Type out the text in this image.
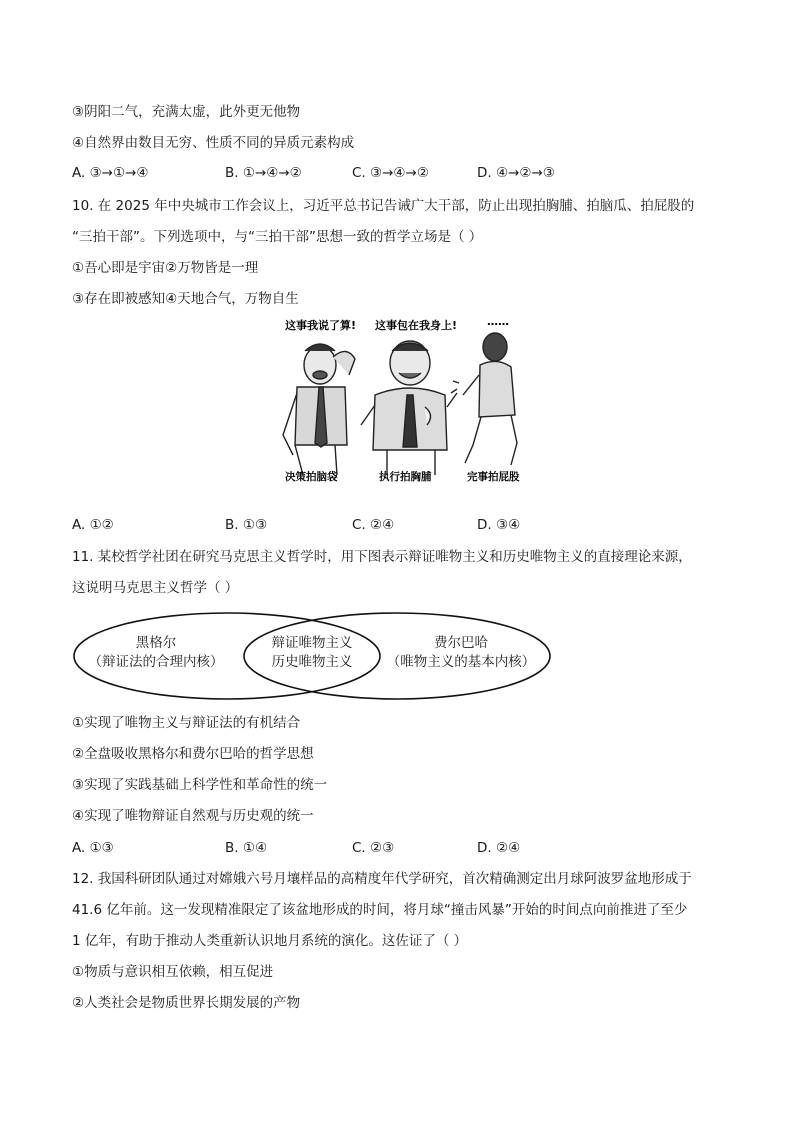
③阴阳二气，充满太虚，此外更无他物
④自然界由数目无穷、性质不同的异质元素构成
A. ③→①→④	B. ①→④→②	C. ③→④→②	D. ④→②→③
10. 在 2025 年中央城市工作会议上，习近平总书记告诫广大干部，防止出现拍胸脯、拍脑瓜、拍屁股的
“三拍干部”。下列选项中，与“三拍干部”思想一致的哲学立场是（ ）
①吾心即是宇宙②万物皆是一理
③存在即被感知④天地合气，万物自生
这事我说了算! 这事包在我身上!	……
决策拍脑袋	执行拍胸脯	完事拍屁股
A. ①②	B. ①③	C. ②④	D. ③④
11. 某校哲学社团在研究马克思主义哲学时，用下图表示辩证唯物主义和历史唯物主义的直接理论来源，
这说明马克思主义哲学（ ）
黑格尔
（辩证法的合理内核）
辩证唯物主义
历史唯物主义
费尔巴哈
（唯物主义的基本内核）
①实现了唯物主义与辩证法的有机结合
②全盘吸收黑格尔和费尔巴哈的哲学思想
③实现了实践基础上科学性和革命性的统一
④实现了唯物辩证自然观与历史观的统一
A. ①③	B. ①④	C. ②③	D. ②④
12. 我国科研团队通过对嫦娥六号月壤样品的高精度年代学研究，首次精确测定出月球阿波罗盆地形成于
41.6 亿年前。这一发现精准限定了该盆地形成的时间，将月球“撞击风暴”开始的时间点向前推进了至少
1 亿年，有助于推动人类重新认识地月系统的演化。这佐证了（ ）
①物质与意识相互依赖，相互促进
②人类社会是物质世界长期发展的产物
